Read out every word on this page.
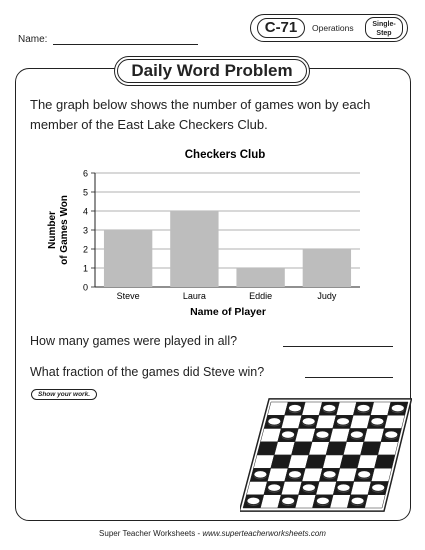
Name:
C-71	Operations	Single-
Step
Daily Word Problem
The graph below shows the number of games won by each member of the East Lake Checkers Club.
Checkers Club
0
1
2
3
4
5
6
Steve	Laura	Eddie	Judy
Name of Player
Number of Games Won
How many games were played in all?
What fraction of the games did Steve win?
Show your work.
Super Teacher Worksheets - www.superteacherworksheets.com
